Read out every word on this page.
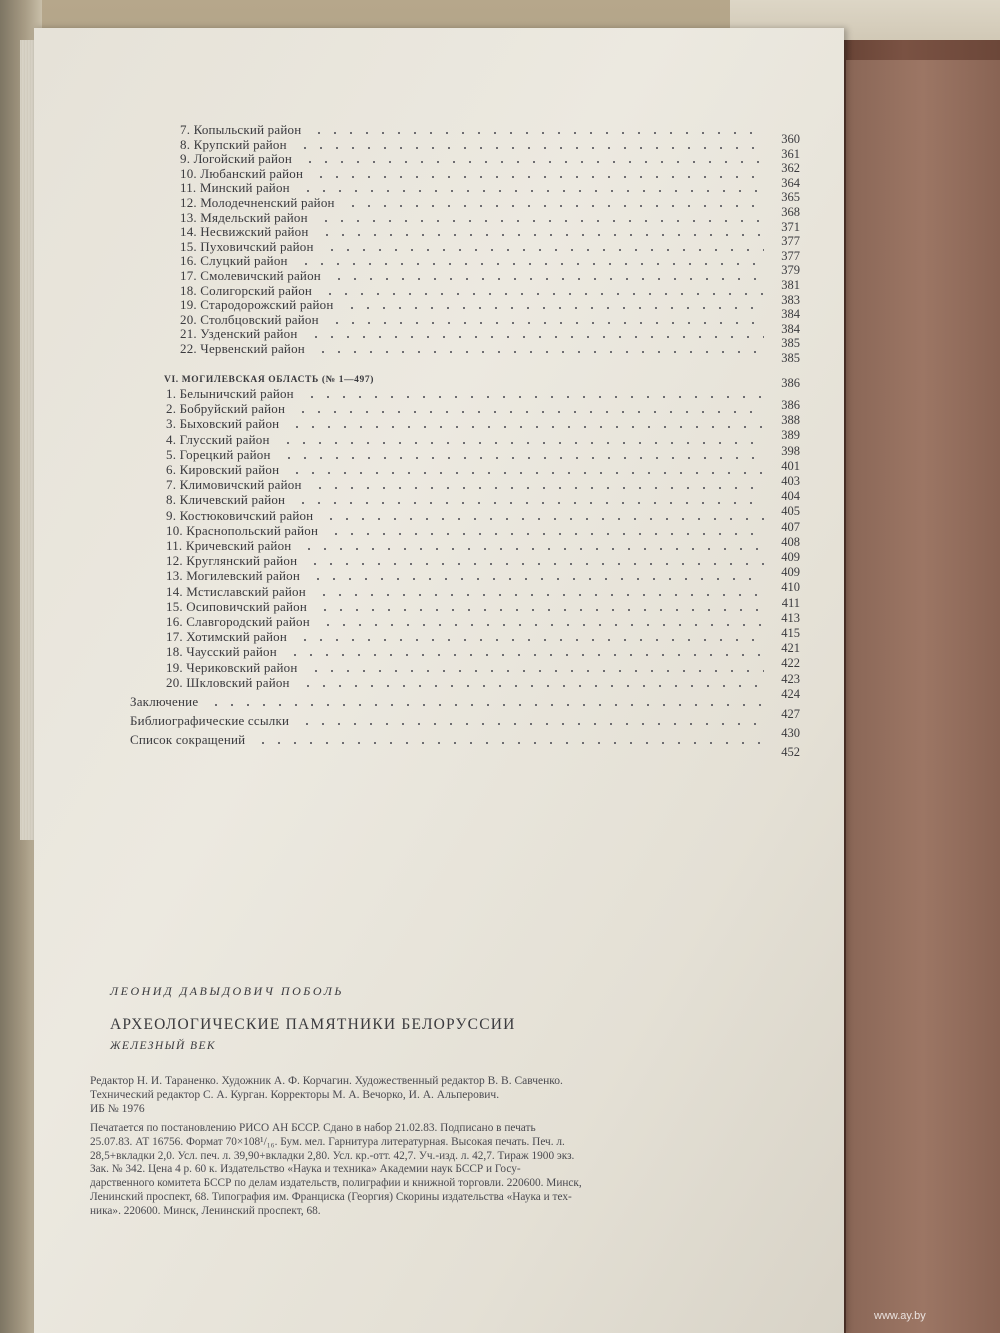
VI. МОГИЛЕВСКАЯ ОБЛАСТЬ (№ 1—497)	386
7. Копыльский район
360
8. Крупский район
361
9. Логойский район
362
10. Любанский район
364
11. Минский район
365
12. Молодечненский район
368
13. Мядельский район
371
14. Несвижский район
377
15. Пуховичский район
377
16. Слуцкий район
379
17. Смолевичский район
381
18. Солигорский район
383
19. Стародорожский район
384
20. Столбцовский район
384
21. Узденский район
385
22. Червенский район
385
1. Белыничский район
386
2. Бобруйский район
388
3. Быховский район
389
4. Глусский район
398
5. Горецкий район
401
6. Кировский район
403
7. Климовичский район
404
8. Кличевский район
405
9. Костюковичский район
407
10. Краснопольский район
408
11. Кричевский район
409
12. Круглянский район
409
13. Могилевский район
410
14. Мстиславский район
411
15. Осиповичский район
413
16. Славгородский район
415
17. Хотимский район
421
18. Чаусский район
422
19. Чериковский район
423
20. Шкловский район
424
Заключение
427
Библиографические ссылки
430
Список сокращений
452
ЛЕОНИД ДАВЫДОВИЧ ПОБОЛЬ
АРХЕОЛОГИЧЕСКИЕ ПАМЯТНИКИ БЕЛОРУССИИ
ЖЕЛЕЗНЫЙ ВЕК
Редактор Н. И. Тараненко. Художник А. Ф. Корчагин. Художественный редактор В. В. Савченко.
Технический редактор С. А. Курган. Корректоры М. А. Вечорко, И. А. Альперович.
ИБ № 1976
Печатается по постановлению РИСО АН БССР. Сдано в набор 21.02.83. Подписано в печать
25.07.83. АТ 16756. Формат 70×108¹/₁₆. Бум. мел. Гарнитура литературная. Высокая печать. Печ. л.
28,5+вкладки 2,0. Усл. печ. л. 39,90+вкладки 2,80. Усл. кр.-отт. 42,7. Уч.-изд. л. 42,7. Тираж 1900 экз.
Зак. № 342. Цена 4 р. 60 к. Издательство «Наука и техника» Академии наук БССР и Госу-
дарственного комитета БССР по делам издательств, полиграфии и книжной торговли. 220600. Минск,
Ленинский проспект, 68. Типография им. Франциска (Георгия) Скорины издательства «Наука и тех-
ника». 220600. Минск, Ленинский проспект, 68.
www.ay.by
